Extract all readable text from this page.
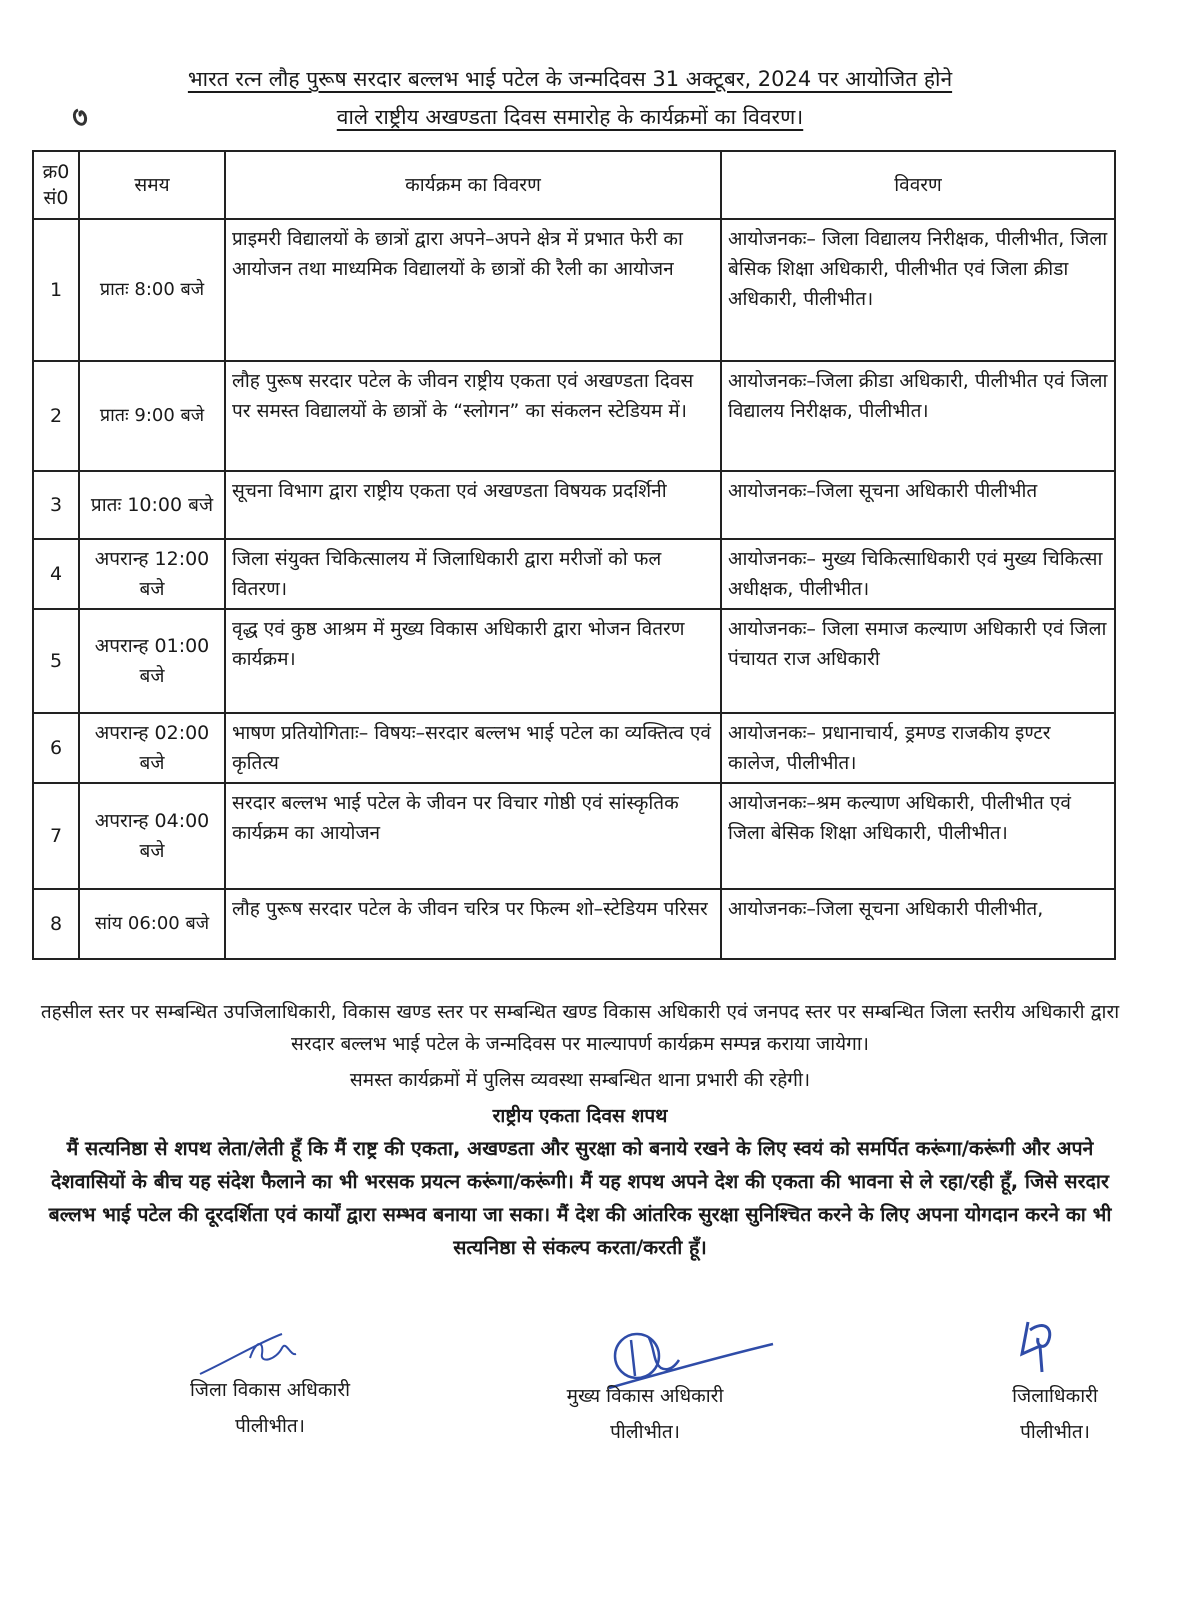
भारत रत्न लौह पुरूष सरदार बल्लभ भाई पटेल के जन्मदिवस 31 अक्टूबर, 2024 पर आयोजित होने
वाले राष्ट्रीय अखण्डता दिवस समारोह के कार्यक्रमों का विवरण।
क्र0 सं0	समय	कार्यक्रम का विवरण	विवरण
1	प्रातः 8:00 बजे	प्राइमरी विद्यालयों के छात्रों द्वारा अपने–अपने क्षेत्र में प्रभात फेरी का आयोजन तथा माध्यमिक विद्यालयों के छात्रों की रैली का आयोजन	आयोजनकः– जिला विद्यालय निरीक्षक, पीलीभीत, जिला बेसिक शिक्षा अधिकारी, पीलीभीत एवं जिला क्रीडा अधिकारी, पीलीभीत।
2	प्रातः 9:00 बजे	लौह पुरूष सरदार पटेल के जीवन राष्ट्रीय एकता एवं अखण्डता दिवस पर समस्त विद्यालयों के छात्रों के “स्लोगन” का संकलन स्टेडियम में।	आयोजनकः–जिला क्रीडा अधिकारी, पीलीभीत एवं जिला विद्यालय निरीक्षक, पीलीभीत।
3	प्रातः 10:00 बजे	सूचना विभाग द्वारा राष्ट्रीय एकता एवं अखण्डता विषयक प्रदर्शिनी	आयोजनकः–जिला सूचना अधिकारी पीलीभीत
4	अपरान्ह 12:00 बजे	जिला संयुक्त चिकित्सालय में जिलाधिकारी द्वारा मरीजों को फल वितरण।	आयोजनकः– मुख्य चिकित्साधिकारी एवं मुख्य चिकित्सा अधीक्षक, पीलीभीत।
5	अपरान्ह 01:00 बजे	वृद्ध एवं कुष्ठ आश्रम में मुख्य विकास अधिकारी द्वारा भोजन वितरण कार्यक्रम।	आयोजनकः– जिला समाज कल्याण अधिकारी एवं जिला पंचायत राज अधिकारी
6	अपरान्ह 02:00 बजे	भाषण प्रतियोगिताः– विषयः–सरदार बल्लभ भाई पटेल का व्यक्तित्व एवं कृतित्य	आयोजनकः– प्रधानाचार्य, ड्रमण्ड राजकीय इण्टर कालेज, पीलीभीत।
7	अपरान्ह 04:00 बजे	सरदार बल्लभ भाई पटेल के जीवन पर विचार गोष्ठी एवं सांस्कृतिक कार्यक्रम का आयोजन	आयोजनकः–श्रम कल्याण अधिकारी, पीलीभीत एवं जिला बेसिक शिक्षा अधिकारी, पीलीभीत।
8	सांय 06:00 बजे	लौह पुरूष सरदार पटेल के जीवन चरित्र पर फिल्म शो–स्टेडियम परिसर	आयोजनकः–जिला सूचना अधिकारी पीलीभीत,

तहसील स्तर पर सम्बन्धित उपजिलाधिकारी, विकास खण्ड स्तर पर सम्बन्धित खण्ड विकास अधिकारी एवं जनपद स्तर पर सम्बन्धित जिला स्तरीय अधिकारी द्वारा सरदार बल्लभ भाई पटेल के जन्मदिवस पर माल्यापर्ण कार्यक्रम सम्पन्न कराया जायेगा।

समस्त कार्यक्रमों में पुलिस व्यवस्था सम्बन्धित थाना प्रभारी की रहेगी।

राष्ट्रीय एकता दिवस शपथ

मैं सत्यनिष्ठा से शपथ लेता/लेती हूँ कि मैं राष्ट्र की एकता, अखण्डता और सुरक्षा को बनाये रखने के लिए स्वयं को समर्पित करूंगा/करूंगी और अपने देशवासियों के बीच यह संदेश फैलाने का भी भरसक प्रयत्न करूंगा/करूंगी। मैं यह शपथ अपने देश की एकता की भावना से ले रहा/रही हूँ, जिसे सरदार बल्लभ भाई पटेल की दूरदर्शिता एवं कार्यों द्वारा सम्भव बनाया जा सका। मैं देश की आंतरिक सुरक्षा सुनिश्चित करने के लिए अपना योगदान करने का भी सत्यनिष्ठा से संकल्प करता/करती हूँ।

जिला विकास अधिकारी

पीलीभीत।

मुख्य विकास अधिकारी

पीलीभीत।

जिलाधिकारी

पीलीभीत।
